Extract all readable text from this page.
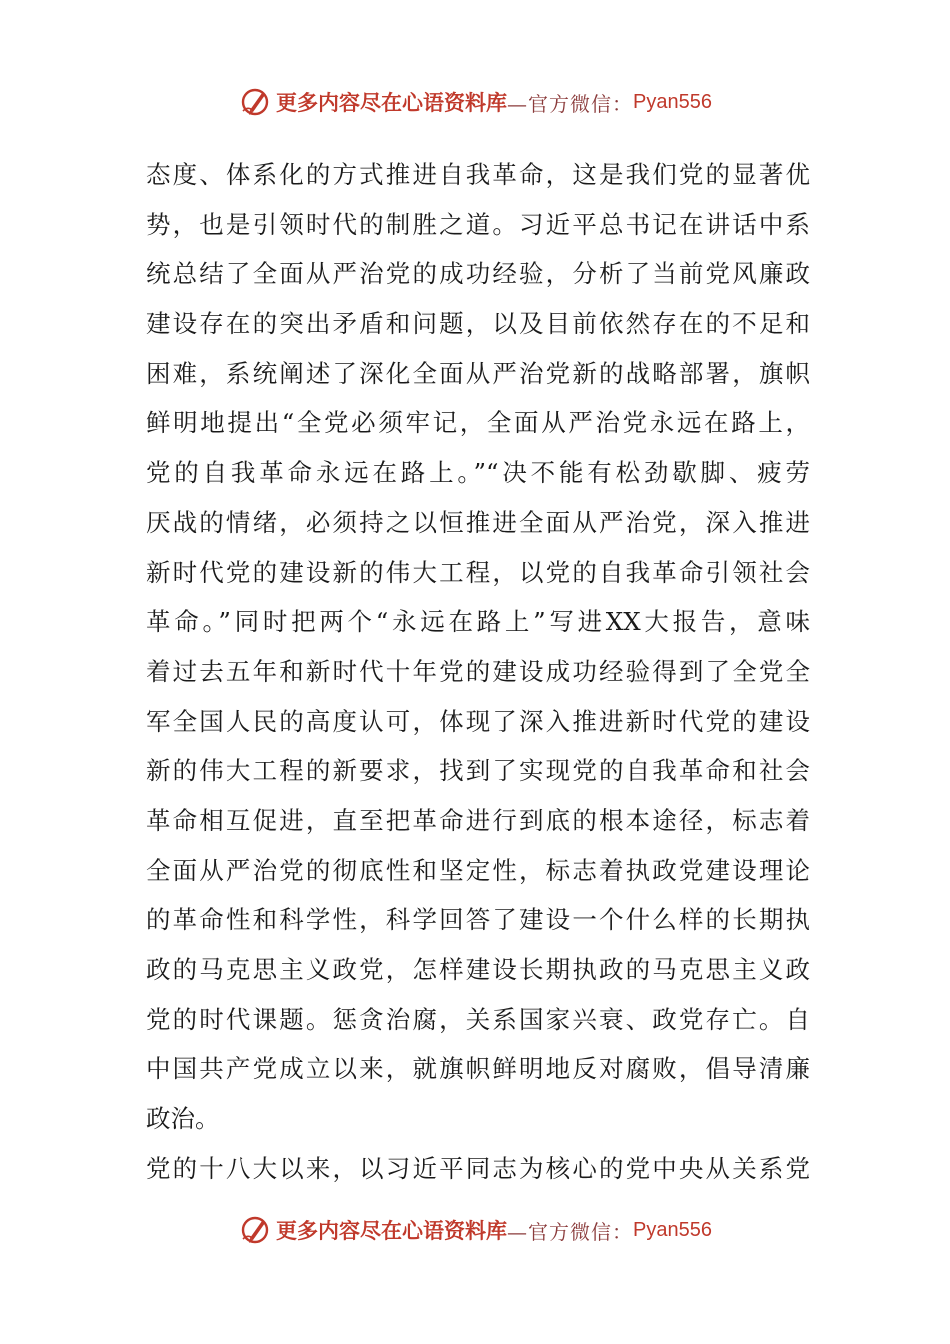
更多内容尽在心语资料库 —官方微信： Pyan556
态度、体系化的方式推进自我革命，这是我们党的显著优
势，也是引领时代的制胜之道。习近平总书记在讲话中系
统总结了全面从严治党的成功经验，分析了当前党风廉政
建设存在的突出矛盾和问题，以及目前依然存在的不足和
困难，系统阐述了深化全面从严治党新的战略部署，旗帜
鲜明地提出“全党必须牢记，全面从严治党永远在路上，
党的自我革命永远在路上。”“决不能有松劲歇脚、疲劳
厌战的情绪，必须持之以恒推进全面从严治党，深入推进
新时代党的建设新的伟大工程，以党的自我革命引领社会
革命。”同时把两个“永远在路上”写进XX大报告，意味
着过去五年和新时代十年党的建设成功经验得到了全党全
军全国人民的高度认可，体现了深入推进新时代党的建设
新的伟大工程的新要求，找到了实现党的自我革命和社会
革命相互促进，直至把革命进行到底的根本途径，标志着
全面从严治党的彻底性和坚定性，标志着执政党建设理论
的革命性和科学性，科学回答了建设一个什么样的长期执
政的马克思主义政党，怎样建设长期执政的马克思主义政
党的时代课题。惩贪治腐，关系国家兴衰、政党存亡。自
中国共产党成立以来，就旗帜鲜明地反对腐败，倡导清廉
政治。
党的十八大以来，以习近平同志为核心的党中央从关系党
更多内容尽在心语资料库 —官方微信： Pyan556
